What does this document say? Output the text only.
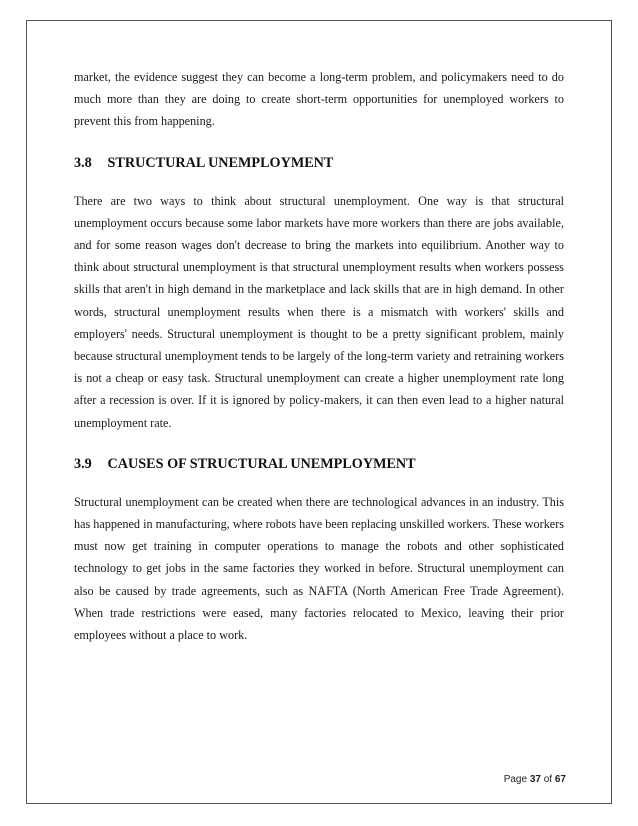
market, the evidence suggest they can become a long-term problem, and policymakers need to do much more than they are doing to create short-term opportunities for unemployed workers to prevent this from happening.

3.8 STRUCTURAL UNEMPLOYMENT

There are two ways to think about structural unemployment. One way is that structural unemployment occurs because some labor markets have more workers than there are jobs available, and for some reason wages don't decrease to bring the markets into equilibrium. Another way to think about structural unemployment is that structural unemployment results when workers possess skills that aren't in high demand in the marketplace and lack skills that are in high demand. In other words, structural unemployment results when there is a mismatch with workers' skills and employers' needs. Structural unemployment is thought to be a pretty significant problem, mainly because structural unemployment tends to be largely of the long-term variety and retraining workers is not a cheap or easy task. Structural unemployment can create a higher unemployment rate long after a recession is over. If it is ignored by policy-makers, it can then even lead to a higher natural unemployment rate.

3.9 CAUSES OF STRUCTURAL UNEMPLOYMENT

Structural unemployment can be created when there are technological advances in an industry. This has happened in manufacturing, where robots have been replacing unskilled workers. These workers must now get training in computer operations to manage the robots and other sophisticated technology to get jobs in the same factories they worked in before. Structural unemployment can also be caused by trade agreements, such as NAFTA (North American Free Trade Agreement). When trade restrictions were eased, many factories relocated to Mexico, leaving their prior employees without a place to work.

Page 37 of 67
